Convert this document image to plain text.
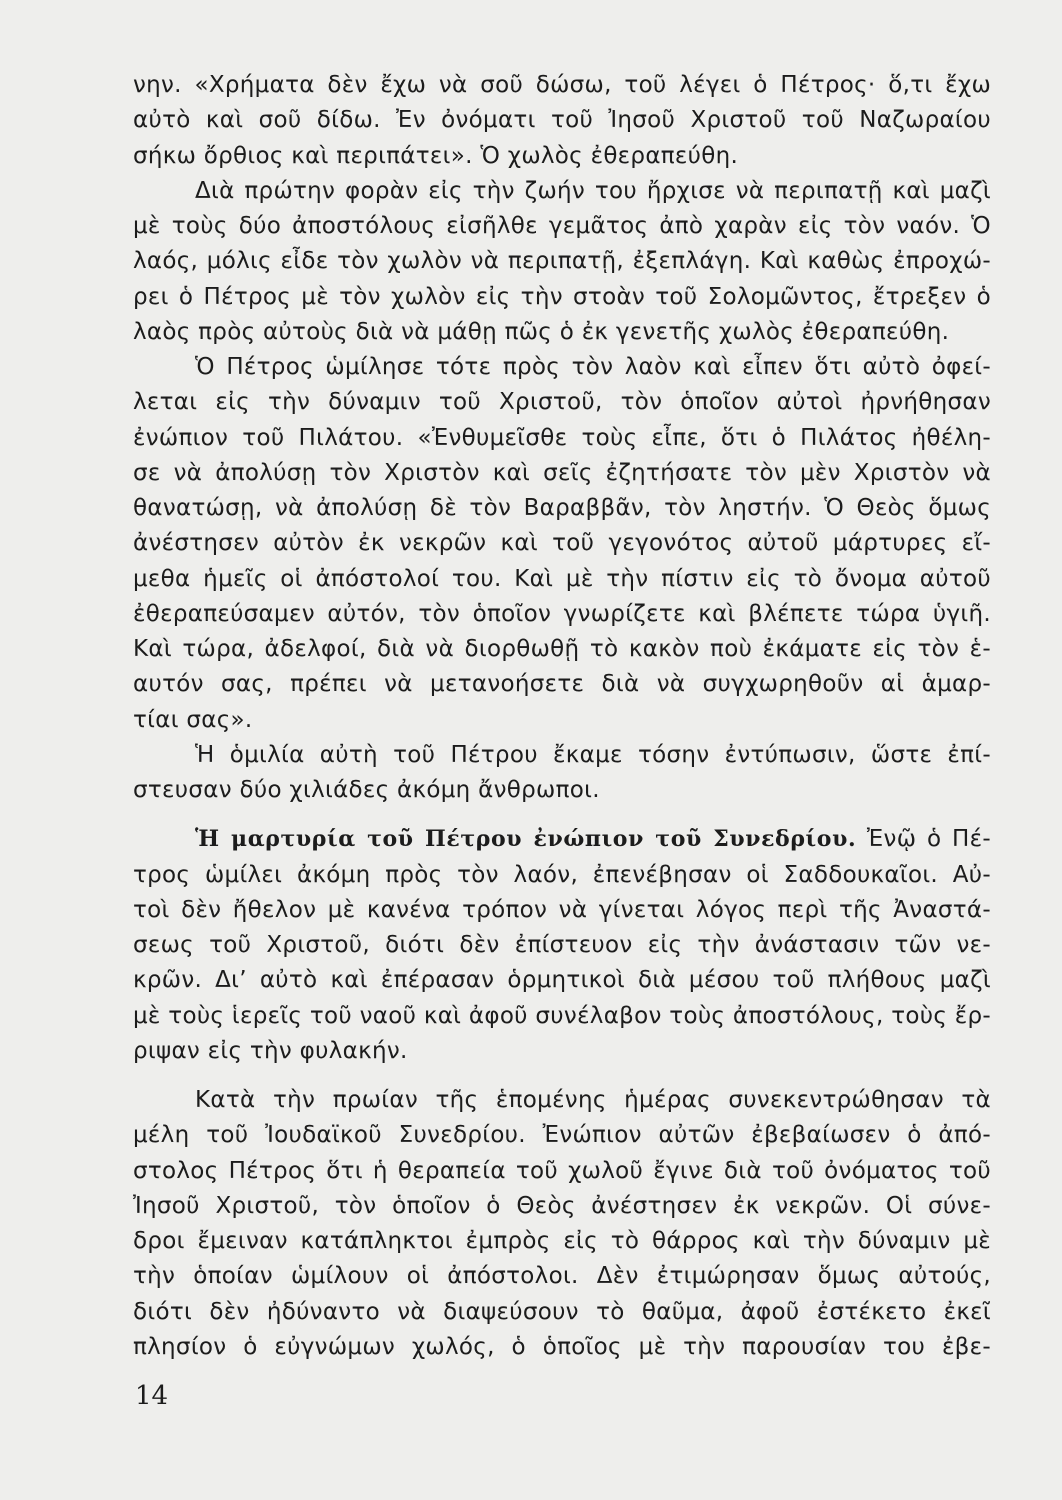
νην. «Χρήματα δὲν ἔχω νὰ σοῦ δώσω, τοῦ λέγει ὁ Πέτρος· ὅ,τι ἔχω
αὐτὸ καὶ σοῦ δίδω. Ἐν ὀνόματι τοῦ Ἰησοῦ Χριστοῦ τοῦ Ναζωραίου
σήκω ὄρθιος καὶ περιπάτει». Ὁ χωλὸς ἐθεραπεύθη.
Διὰ πρώτην φορὰν εἰς τὴν ζωήν του ἤρχισε νὰ περιπατῇ καὶ μαζὶ
μὲ τοὺς δύο ἀποστόλους εἰσῆλθε γεμᾶτος ἀπὸ χαρὰν εἰς τὸν ναόν. Ὁ
λαός, μόλις εἶδε τὸν χωλὸν νὰ περιπατῇ, ἐξεπλάγη. Καὶ καθὼς ἐπροχώ-
ρει ὁ Πέτρος μὲ τὸν χωλὸν εἰς τὴν στοὰν τοῦ Σολομῶντος, ἔτρεξεν ὁ
λαὸς πρὸς αὐτοὺς διὰ νὰ μάθῃ πῶς ὁ ἐκ γενετῆς χωλὸς ἐθεραπεύθη.
Ὁ Πέτρος ὡμίλησε τότε πρὸς τὸν λαὸν καὶ εἶπεν ὅτι αὐτὸ ὀφεί-
λεται εἰς τὴν δύναμιν τοῦ Χριστοῦ, τὸν ὁποῖον αὐτοὶ ἠρνήθησαν
ἐνώπιον τοῦ Πιλάτου. «Ἐνθυμεῖσθε τοὺς εἶπε, ὅτι ὁ Πιλάτος ἠθέλη-
σε νὰ ἀπολύσῃ τὸν Χριστὸν καὶ σεῖς ἐζητήσατε τὸν μὲν Χριστὸν νὰ
θανατώσῃ, νὰ ἀπολύσῃ δὲ τὸν Βαραββᾶν, τὸν ληστήν. Ὁ Θεὸς ὅμως
ἀνέστησεν αὐτὸν ἐκ νεκρῶν καὶ τοῦ γεγονότος αὐτοῦ μάρτυρες εἴ-
μεθα ἡμεῖς οἱ ἀπόστολοί του. Καὶ μὲ τὴν πίστιν εἰς τὸ ὄνομα αὐτοῦ
ἐθεραπεύσαμεν αὐτόν, τὸν ὁποῖον γνωρίζετε καὶ βλέπετε τώρα ὑγιῆ.
Καὶ τώρα, ἀδελφοί, διὰ νὰ διορθωθῇ τὸ κακὸν ποὺ ἐκάματε εἰς τὸν ἑ-
αυτόν σας, πρέπει νὰ μετανοήσετε διὰ νὰ συγχωρηθοῦν αἱ ἁμαρ-
τίαι σας».
Ἡ ὁμιλία αὐτὴ τοῦ Πέτρου ἔκαμε τόσην ἐντύπωσιν, ὥστε ἐπί-
στευσαν δύο χιλιάδες ἀκόμη ἄνθρωποι.
Ἡ μαρτυρία τοῦ Πέτρου ἐνώπιον τοῦ Συνεδρίου. Ἐνῷ ὁ Πέ-
τρος ὡμίλει ἀκόμη πρὸς τὸν λαόν, ἐπενέβησαν οἱ Σαδδουκαῖοι. Αὐ-
τοὶ δὲν ἤθελον μὲ κανένα τρόπον νὰ γίνεται λόγος περὶ τῆς Ἀναστά-
σεως τοῦ Χριστοῦ, διότι δὲν ἐπίστευον εἰς τὴν ἀνάστασιν τῶν νε-
κρῶν. Δι’ αὐτὸ καὶ ἐπέρασαν ὁρμητικοὶ διὰ μέσου τοῦ πλήθους μαζὶ
μὲ τοὺς ἱερεῖς τοῦ ναοῦ καὶ ἀφοῦ συνέλαβον τοὺς ἀποστόλους, τοὺς ἔρ-
ριψαν εἰς τὴν φυλακήν.
Κατὰ τὴν πρωίαν τῆς ἑπομένης ἡμέρας συνεκεντρώθησαν τὰ
μέλη τοῦ Ἰουδαϊκοῦ Συνεδρίου. Ἐνώπιον αὐτῶν ἐβεβαίωσεν ὁ ἀπό-
στολος Πέτρος ὅτι ἡ θεραπεία τοῦ χωλοῦ ἔγινε διὰ τοῦ ὀνόματος τοῦ
Ἰησοῦ Χριστοῦ, τὸν ὁποῖον ὁ Θεὸς ἀνέστησεν ἐκ νεκρῶν. Οἱ σύνε-
δροι ἔμειναν κατάπληκτοι ἐμπρὸς εἰς τὸ θάρρος καὶ τὴν δύναμιν μὲ
τὴν ὁποίαν ὡμίλουν οἱ ἀπόστολοι. Δὲν ἐτιμώρησαν ὅμως αὐτούς,
διότι δὲν ἠδύναντο νὰ διαψεύσουν τὸ θαῦμα, ἀφοῦ ἐστέκετο ἐκεῖ
πλησίον ὁ εὐγνώμων χωλός, ὁ ὁποῖος μὲ τὴν παρουσίαν του ἐβε-
14
